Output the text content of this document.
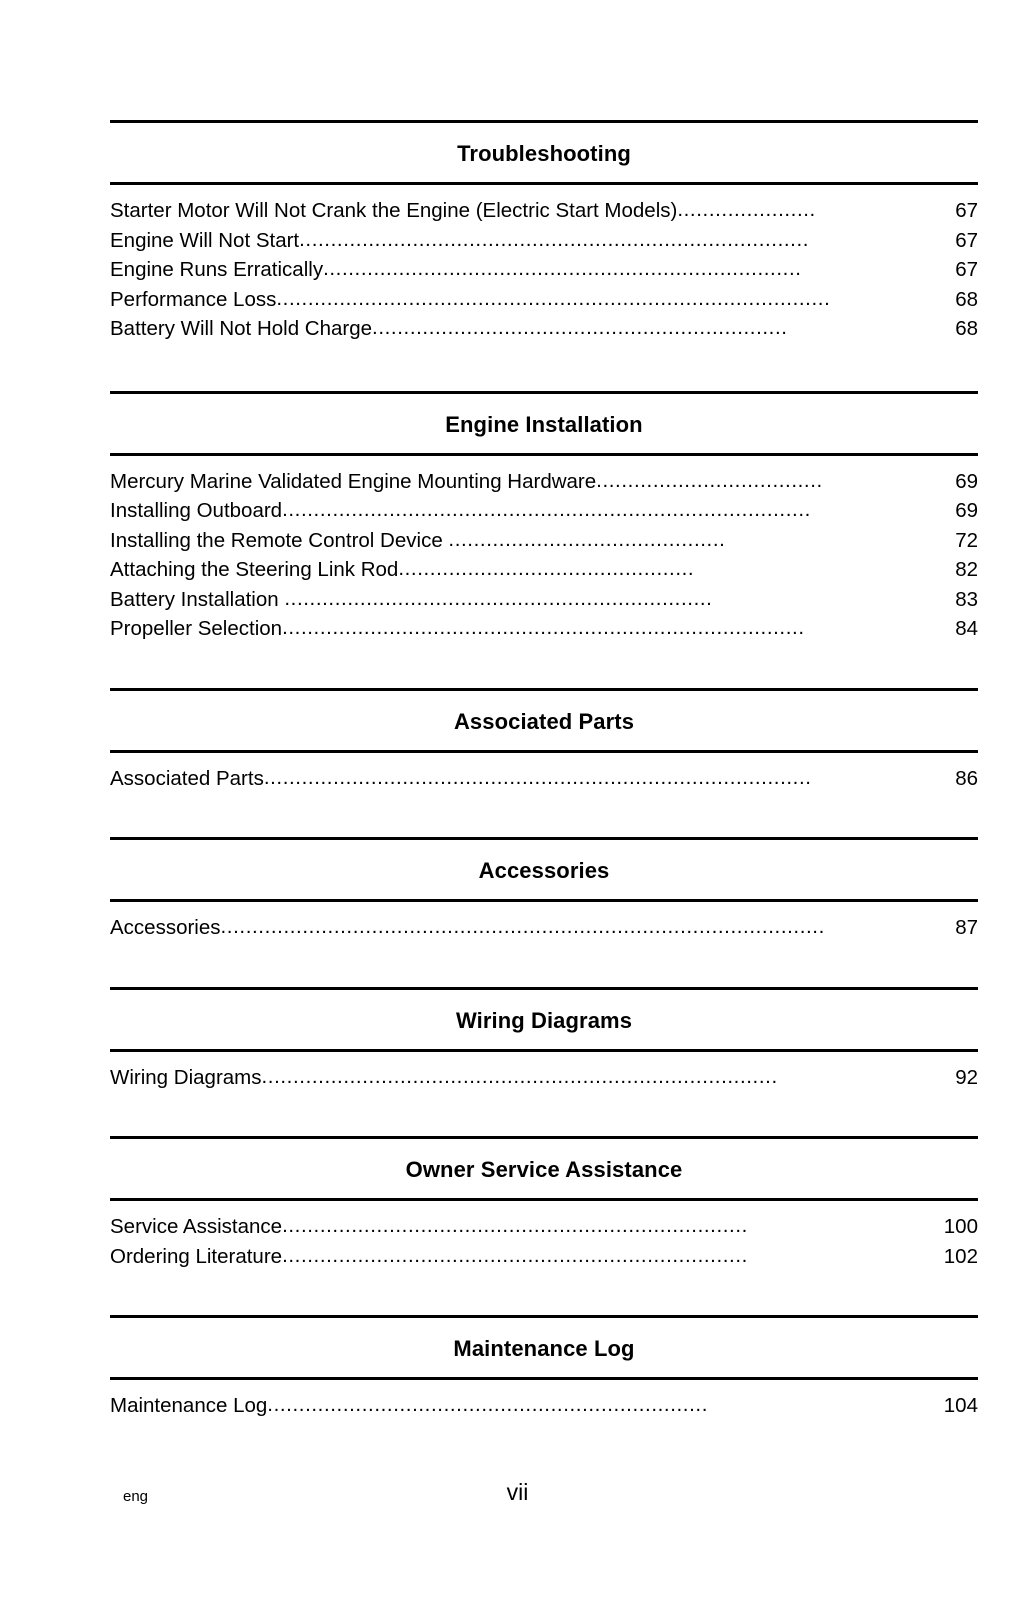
Troubleshooting
Starter Motor Will Not Crank the Engine (Electric Start Models) ......................	67
Engine Will Not Start .................................................................................	67
Engine Runs Erratically ............................................................................	67
Performance Loss ........................................................................................	68
Battery Will Not Hold Charge ..................................................................	68
Engine Installation
Mercury Marine Validated Engine Mounting Hardware ....................................	69
Installing Outboard ....................................................................................	69
Installing the Remote Control Device ............................................	72
Attaching the Steering Link Rod ...............................................	82
Battery Installation ....................................................................	83
Propeller Selection ...................................................................................	84
Associated Parts
Associated Parts .......................................................................................	86
Accessories
Accessories ................................................................................................	87
Wiring Diagrams
Wiring Diagrams ..................................................................................	92
Owner Service Assistance
Service Assistance ..........................................................................	100
Ordering Literature ..........................................................................	102
Maintenance Log
Maintenance Log ......................................................................	104
eng	vii
